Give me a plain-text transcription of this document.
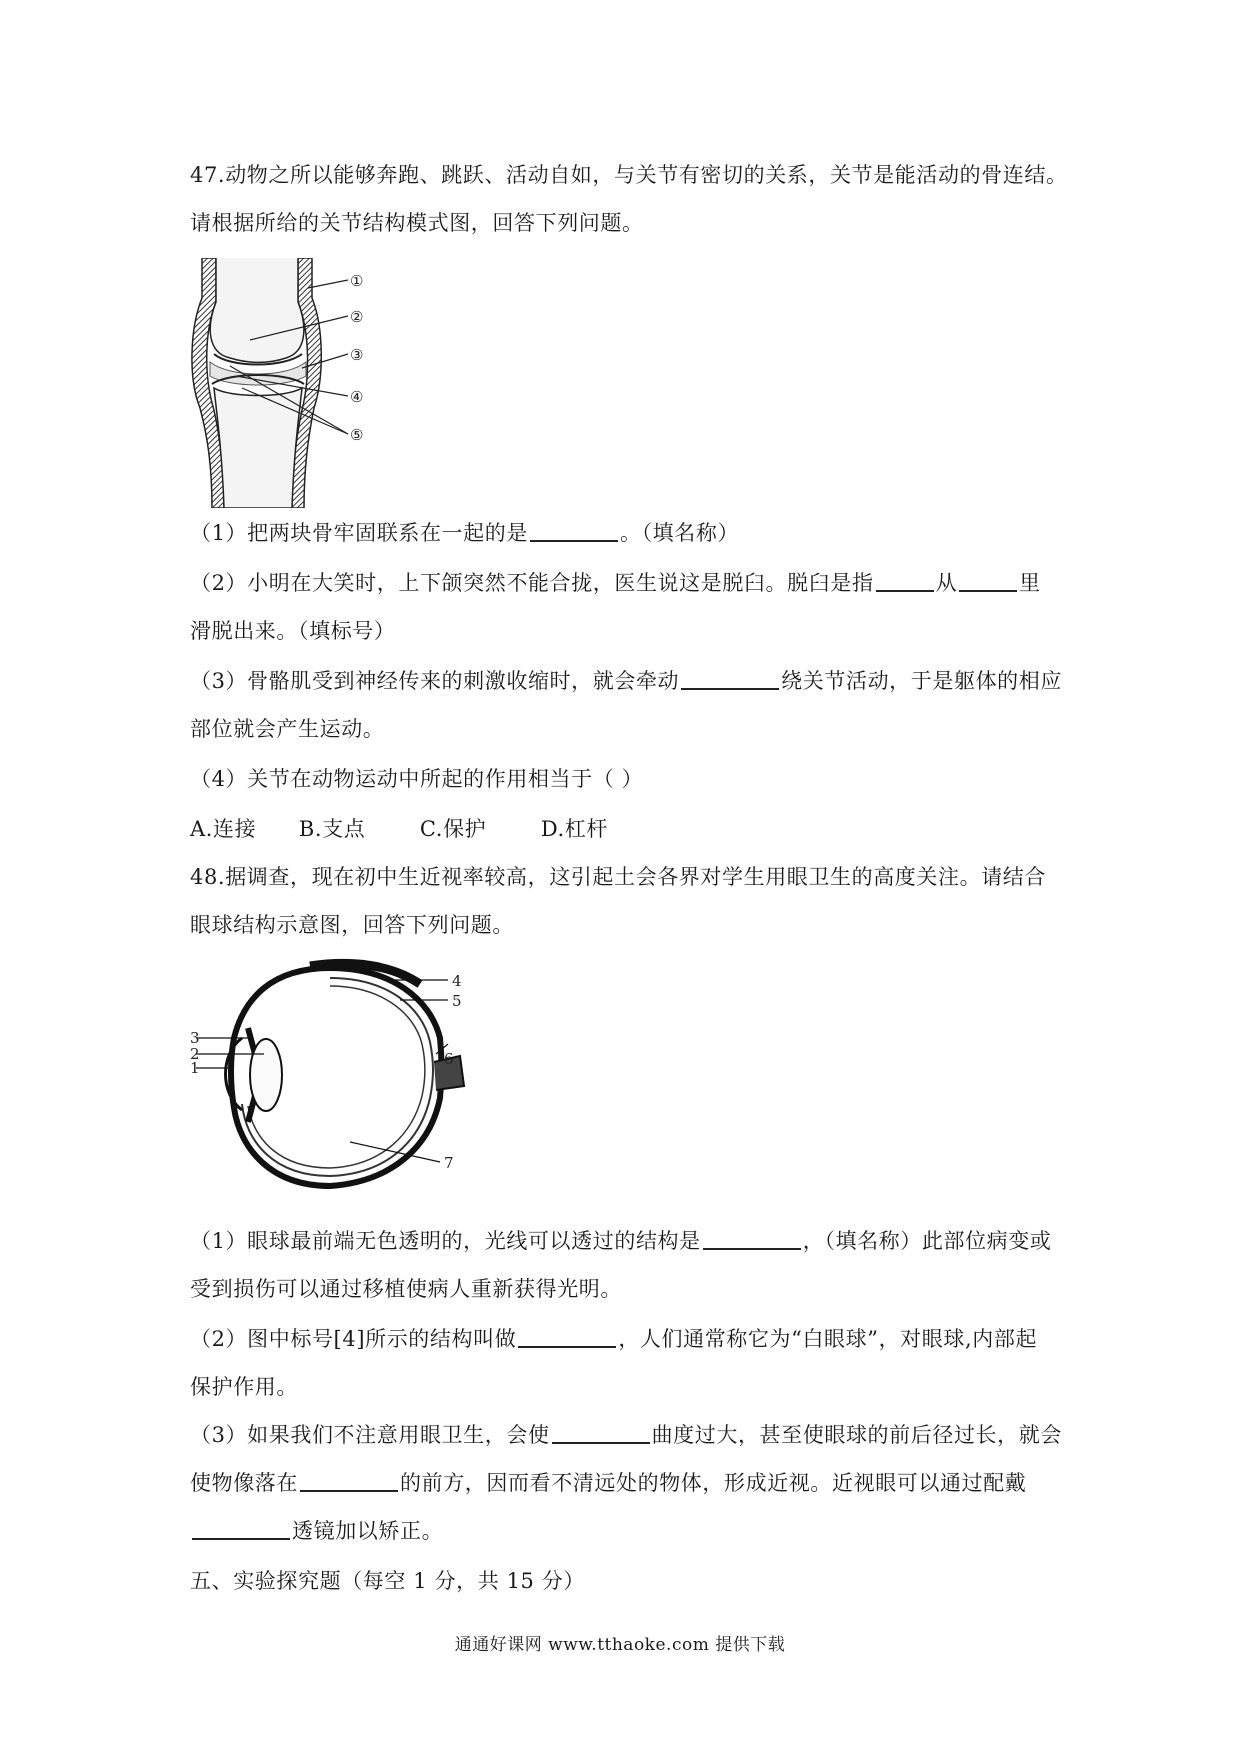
47.动物之所以能够奔跑、跳跃、活动自如，与关节有密切的关系，关节是能活动的骨连结。
请根据所给的关节结构模式图，回答下列问题。
①
②
③
④
⑤
（1）把两块骨牢固联系在一起的是	。（填名称）
（2）小明在大笑时，上下颌突然不能合拢，医生说这是脱臼。脱臼是指	从	里
滑脱出来。（填标号）
（3）骨骼肌受到神经传来的刺激收缩时，就会牵动	绕关节活动，于是躯体的相应
部位就会产生运动。
（4）关节在动物运动中所起的作用相当于（ ）
A.连接 B.支点	C.保护	D.杠杆
48.据调查，现在初中生近视率较高，这引起土会各界对学生用眼卫生的高度关注。请结合
眼球结构示意图，回答下列问题。
6
4
5
7
3
2
1
（1）眼球最前端无色透明的，光线可以透过的结构是	，（填名称）此部位病变或
受到损伤可以通过移植使病人重新获得光明。
（2）图中标号[4]所示的结构叫做	，人们通常称它为“白眼球”，对眼球,内部起
保护作用。
（3）如果我们不注意用眼卫生，会使	曲度过大，甚至使眼球的前后径过长，就会
使物像落在	的前方，因而看不清远处的物体，形成近视。近视眼可以通过配戴
透镜加以矫正。
五、实验探究题（每空 1 分，共 15 分）
通通好课网 www.tthaoke.com 提供下载
